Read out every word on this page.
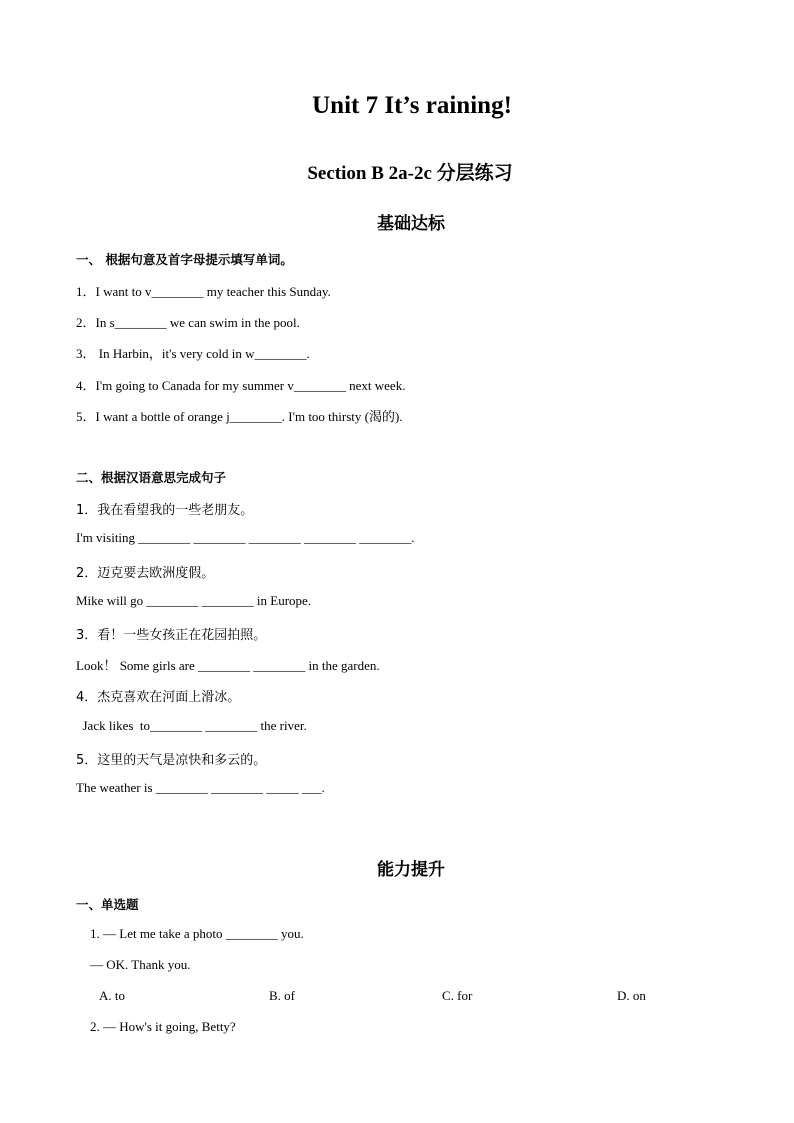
Unit 7 It’s raining!
Section B 2a-2c 分层练习
基础达标
一、 根据句意及首字母提示填写单词。
1．I want to v________ my teacher this Sunday.
2．In s________ we can swim in the pool.
3． In Harbin，it's very cold in w________.
4．I'm going to Canada for my summer v________ next week.
5．I want a bottle of orange j________. I'm too thirsty (渴的).
二、根据汉语意思完成句子
1．我在看望我的一些老朋友。
I'm visiting ________ ________ ________ ________ ________.
2．迈克要去欧洲度假。
Mike will go ________ ________ in Europe.
3．看！一些女孩正在花园拍照。
Look！ Some girls are ________ ________ in the garden.
4．杰克喜欢在河面上滑冰。
Jack likes  to________ ________ the river.
5．这里的天气是凉快和多云的。
The weather is ________ ________ _____ ___.
能力提升
一、单选题
1. — Let me take a photo ________ you.
— OK. Thank you.
A. to	B. of	C. for	D. on
2. — How's it going, Betty?
